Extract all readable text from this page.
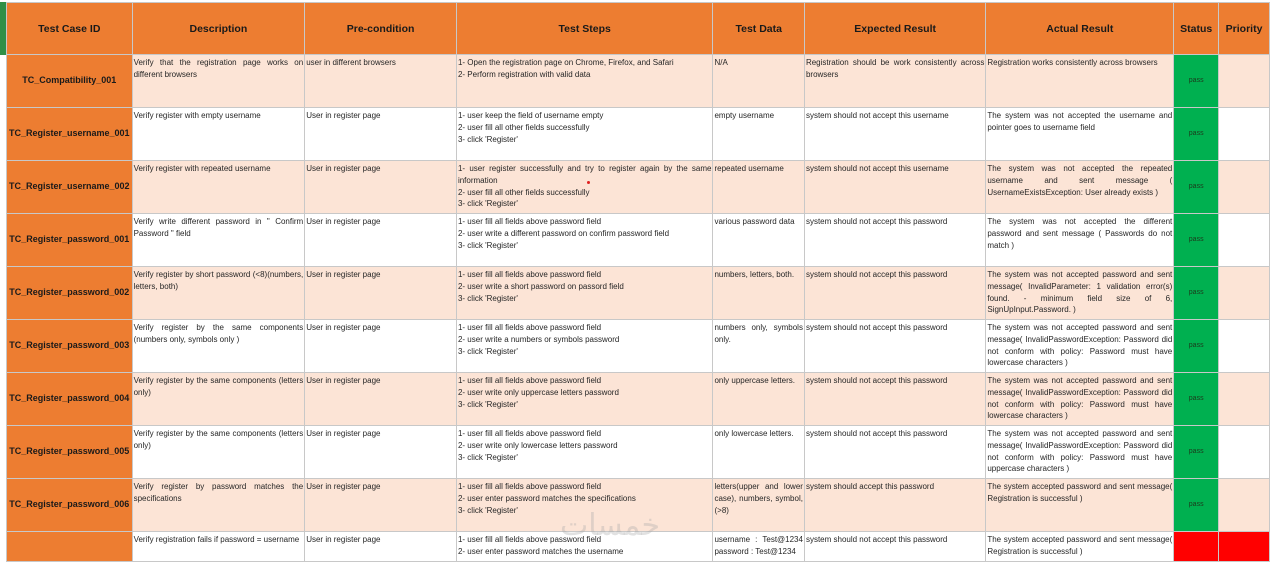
Test Case ID	Description	Pre-condition	Test Steps	Test Data	Expected Result	Actual Result	Status	Priority
TC_Compatibility_001	Verify that the registration page works on different browsers	user in different browsers	1- Open the registration page on Chrome, Firefox, and Safari
2- Perform registration with valid data	N/A	Registration should be work consistently across browsers	Registration works consistently across browsers	pass	
TC_Register_username_001	Verify register with empty username	User in register page	1- user keep the field of username empty
2- user fill all other fields successfully
3- click 'Register'	empty username	system should not accept this username	The system was not accepted the username and pointer goes to username field	pass	
TC_Register_username_002	Verify register with repeated username	User in register page	1- user register successfully and try to register again by the same information
2- user fill all other fields successfully
3- click 'Register'	repeated username	system should not accept this username	The system was not accepted the repeated username and sent message ( UsernameExistsException: User already exists )	pass	
TC_Register_password_001	Verify write different password in " Confirm Password " field	User in register page	1- user fill all fields above password field
2- user write a different password on confirm password field
3- click 'Register'	various password data	system should not accept this password	The system was not accepted the different password and sent message ( Passwords do not match )	pass	
TC_Register_password_002	Verify register by short password (<8)(numbers, letters, both)	User in register page	1- user fill all fields above password field
2- user write a short password on passord field
3- click 'Register'	numbers, letters, both.	system should not accept this password	The system was not accepted password and sent message( InvalidParameter: 1 validation error(s) found. - minimum field size of 6, SignUpInput.Password. )	pass	
TC_Register_password_003	Verify register by the same components (numbers only, symbols only )	User in register page	1- user fill all fields above password field
2- user write a numbers or symbols password
3- click 'Register'	numbers only, symbols only.	system should not accept this password	The system was not accepted password and sent message( InvalidPasswordException: Password did not conform with policy: Password must have lowercase characters )	pass	
TC_Register_password_004	Verify register by the same components (letters only)	User in register page	1- user fill all fields above password field
2- user write only uppercase letters password
3- click 'Register'	only uppercase letters.	system should not accept this password	The system was not accepted password and sent message( InvalidPasswordException: Password did not conform with policy: Password must have lowercase characters )	pass	
TC_Register_password_005	Verify register by the same components (letters only)	User in register page	1- user fill all fields above password field
2- user write only lowercase letters password
3- click 'Register'	only lowercase letters.	system should not accept this password	The system was not accepted password and sent message( InvalidPasswordException: Password did not conform with policy: Password must have uppercase characters )	pass	
TC_Register_password_006	Verify register by password matches the specifications	User in register page	1- user fill all fields above password field
2- user enter password matches the specifications
3- click 'Register'	letters(upper and lower case), numbers, symbol,(>8)	system should accept this password	The system accepted password and sent message( Registration is successful )	pass	
	Verify registration fails if password = username	User in register page	1- user fill all fields above password field
2- user enter password matches the username	username : Test@1234 password : Test@1234	system should not accept this password	The system accepted password and sent message( Registration is successful )		
خمسات
